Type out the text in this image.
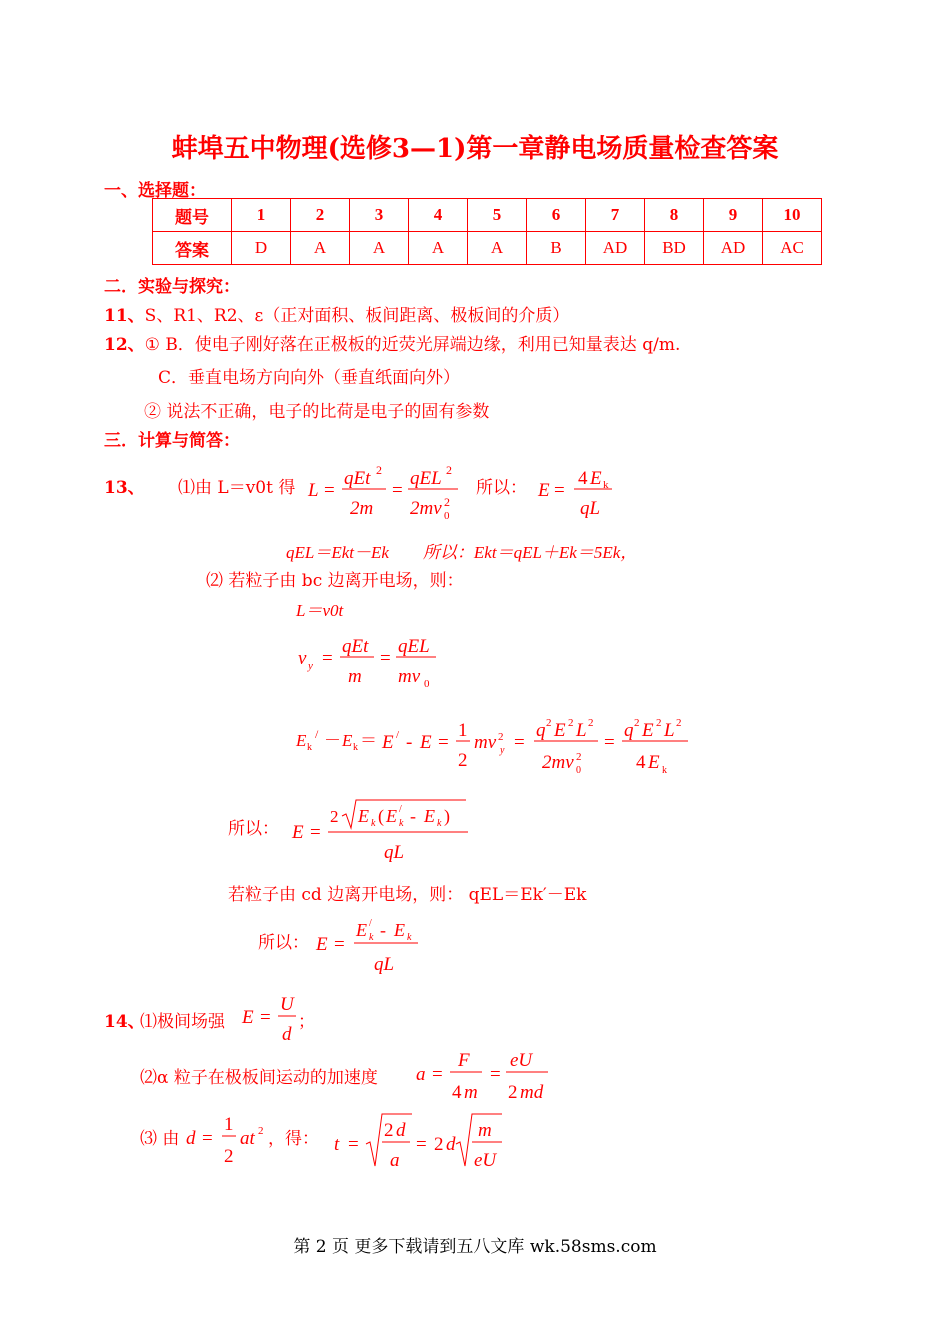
蚌埠五中物理(选修3—1)第一章静电场质量检查答案
一、选择题：
题号	1	2	3	4	5	6	7	8	9	10
答案	D	A	A	A	A	B	AD	BD	AD	AC
二．实验与探究：
11、S、R1、R2、ε（正对面积、板间距离、极板间的介质）
12、① B．使电子刚好落在正极板的近荧光屏端边缘，利用已知量表达 q/m.
C．垂直电场方向向外（垂直纸面向外）
② 说法不正确，电子的比荷是电子的固有参数
三．计算与简答：
13、 ⑴由 L＝v0t 得 L =
qEt 2
2m
=
qEL 2
2mv 2
0
所以： E =
4 E k
qL
qEL＝Ekt－Ek　　所以：Ekt＝qEL＋Ek＝5Ek，
⑵ 若粒子由 bc 边离开电场，则：
L＝v0t
v y =
qEt
m
=
qEL
mv 0
E k
/ － E k ＝ E / - E =
1
2
mv 2
y =
q 2 E 2 L 2
2mv 2
0
=
q 2 E 2 L 2
4 E k
所以： E =
2 E k ( E /
k - E k )
qL
若粒子由 cd 边离开电场，则： qEL＝Ek′－Ek
所以： E =
E /
k - E k
qL
14、
⑴极间场强 E =
U
d
；
⑵α 粒子在极板间运动的加速度 a =
F
4 m
=
eU
2 md
⑶ 由 d =
1
2
at 2 ，得： t =
2 d
a
= 2 d
m
eU
第 2 页 更多下载请到五八文库 wk.58sms.com
